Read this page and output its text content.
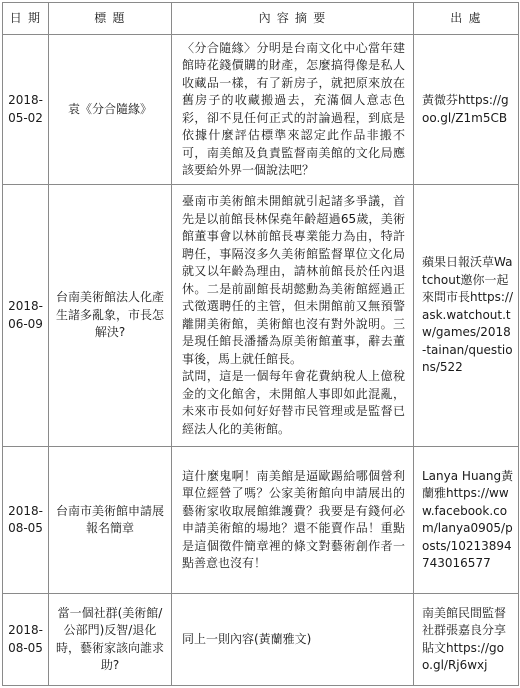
日 期	標 題	內 容 摘 要	出 處

2018-
05-02	袁《分合隨緣》	〈分合隨緣〉分明是台南文化中心當年建館時花錢價購的財產，怎麼搞得像是私人收藏品一樣，有了新房子，就把原來放在舊房子的收藏搬過去，充滿個人意志色彩，卻不見任何正式的討論過程，到底是依據什麼評估標準來認定此作品非搬不可，南美館及負責監督南美館的文化局應該要給外界一個說法吧？	黃微芬https://goo.gl/Z1m5CB

2018-
06-09	台南美術館法人化產生諸多亂象，市長怎解決?	臺南市美術館未開館就引起諸多爭議，首先是以前館長林保堯年齡超過65歲，美術館董事會以林前館長專業能力為由，特許聘任，事隔沒多久美術館監督單位文化局就又以年齡為理由，請林前館長於任內退休。二是前副館長胡懿勳為美術館經過正式徵選聘任的主管，但未開館前又無預警離開美術館，美術館也沒有對外說明。三是現任館長潘播為原美術館董事，辭去董事後，馬上就任館長。
試問，這是一個每年會花費納稅人上億稅金的文化館舍，未開館人事即如此混亂，未來市長如何好好替市民管理或是監督已經法人化的美術館。	蘋果日報沃草Watchout邀你一起來問市長https://ask.watchout.tw/games/2018-tainan/questions/522

2018-
08-05	台南市美術館申請展報名簡章	這什麼鬼啊！南美館是逼歐踢給哪個營利單位經營了嗎？公家美術館向申請展出的藝術家收取展館維護費？我要是有錢何必申請美術館的場地？還不能賣作品！重點是這個徵件簡章裡的條文對藝術創作者一點善意也沒有！	Lanya Huang黃蘭雅https://www.facebook.com/lanya0905/posts/10213894743016577

2018-
08-05	當一個社群(美術館/公部門)反智/退化時，藝術家該向誰求助?	同上一則內容(黃蘭雅文)	南美館民間監督社群張嘉良分享貼文https://goo.gl/Rj6wxj
